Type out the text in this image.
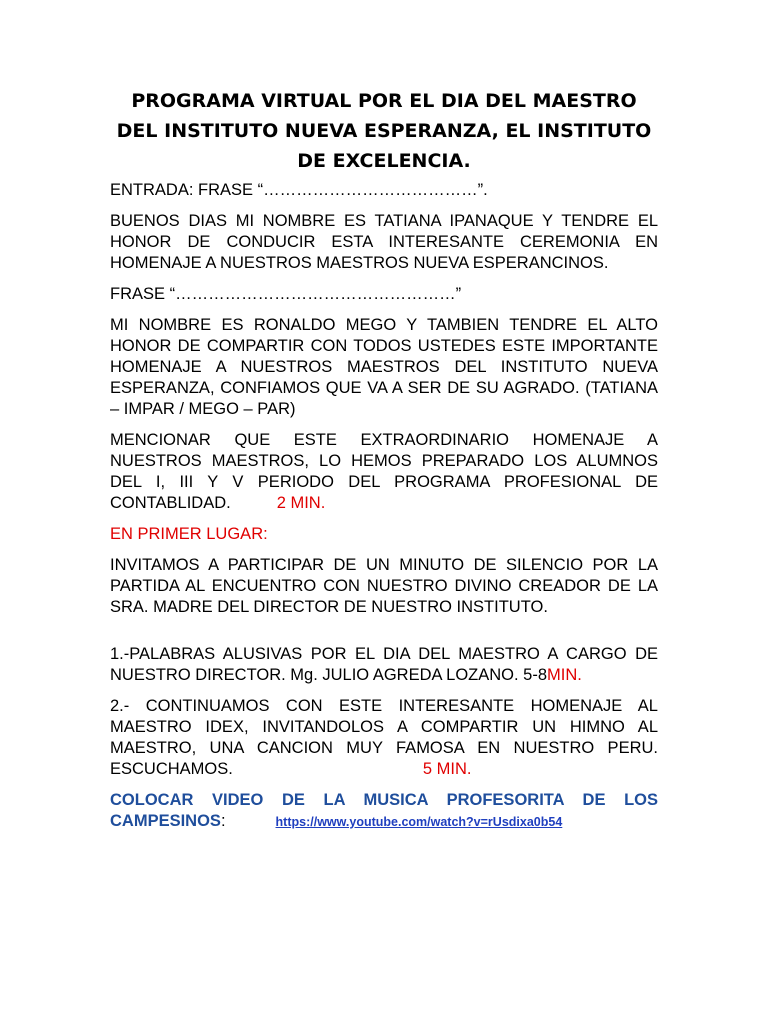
PROGRAMA VIRTUAL POR EL DIA DEL MAESTRO DEL INSTITUTO NUEVA ESPERANZA, EL INSTITUTO DE EXCELENCIA.

ENTRADA: FRASE “…………………………………”.

BUENOS DIAS MI NOMBRE ES TATIANA IPANAQUE Y TENDRE EL HONOR DE CONDUCIR ESTA INTERESANTE CEREMONIA EN HOMENAJE A NUESTROS MAESTROS NUEVA ESPERANCINOS.

FRASE “……………………………………………”

MI NOMBRE ES RONALDO MEGO Y TAMBIEN TENDRE EL ALTO HONOR DE COMPARTIR CON TODOS USTEDES ESTE IMPORTANTE HOMENAJE A NUESTROS MAESTROS DEL INSTITUTO NUEVA ESPERANZA, CONFIAMOS QUE VA A SER DE SU AGRADO. (TATIANA – IMPAR / MEGO – PAR)

MENCIONAR QUE ESTE EXTRAORDINARIO HOMENAJE A NUESTROS MAESTROS, LO HEMOS PREPARADO LOS ALUMNOS DEL I, III Y V PERIODO DEL PROGRAMA PROFESIONAL DE CONTABLIDAD.	2 MIN.

EN PRIMER LUGAR:

INVITAMOS A PARTICIPAR DE UN MINUTO DE SILENCIO POR LA PARTIDA AL ENCUENTRO CON NUESTRO DIVINO CREADOR DE LA SRA. MADRE DEL DIRECTOR DE NUESTRO INSTITUTO.

1.-PALABRAS ALUSIVAS POR EL DIA DEL MAESTRO A CARGO DE NUESTRO DIRECTOR. Mg. JULIO AGREDA LOZANO. 5-8MIN.

2.- CONTINUAMOS CON ESTE INTERESANTE HOMENAJE AL MAESTRO IDEX, INVITANDOLOS A COMPARTIR UN HIMNO AL MAESTRO, UNA CANCION MUY FAMOSA EN NUESTRO PERU. ESCUCHAMOS.	5 MIN.

COLOCAR VIDEO DE LA MUSICA PROFESORITA DE LOS CAMPESINOS:	https://www.youtube.com/watch?v=rUsdixa0b54
